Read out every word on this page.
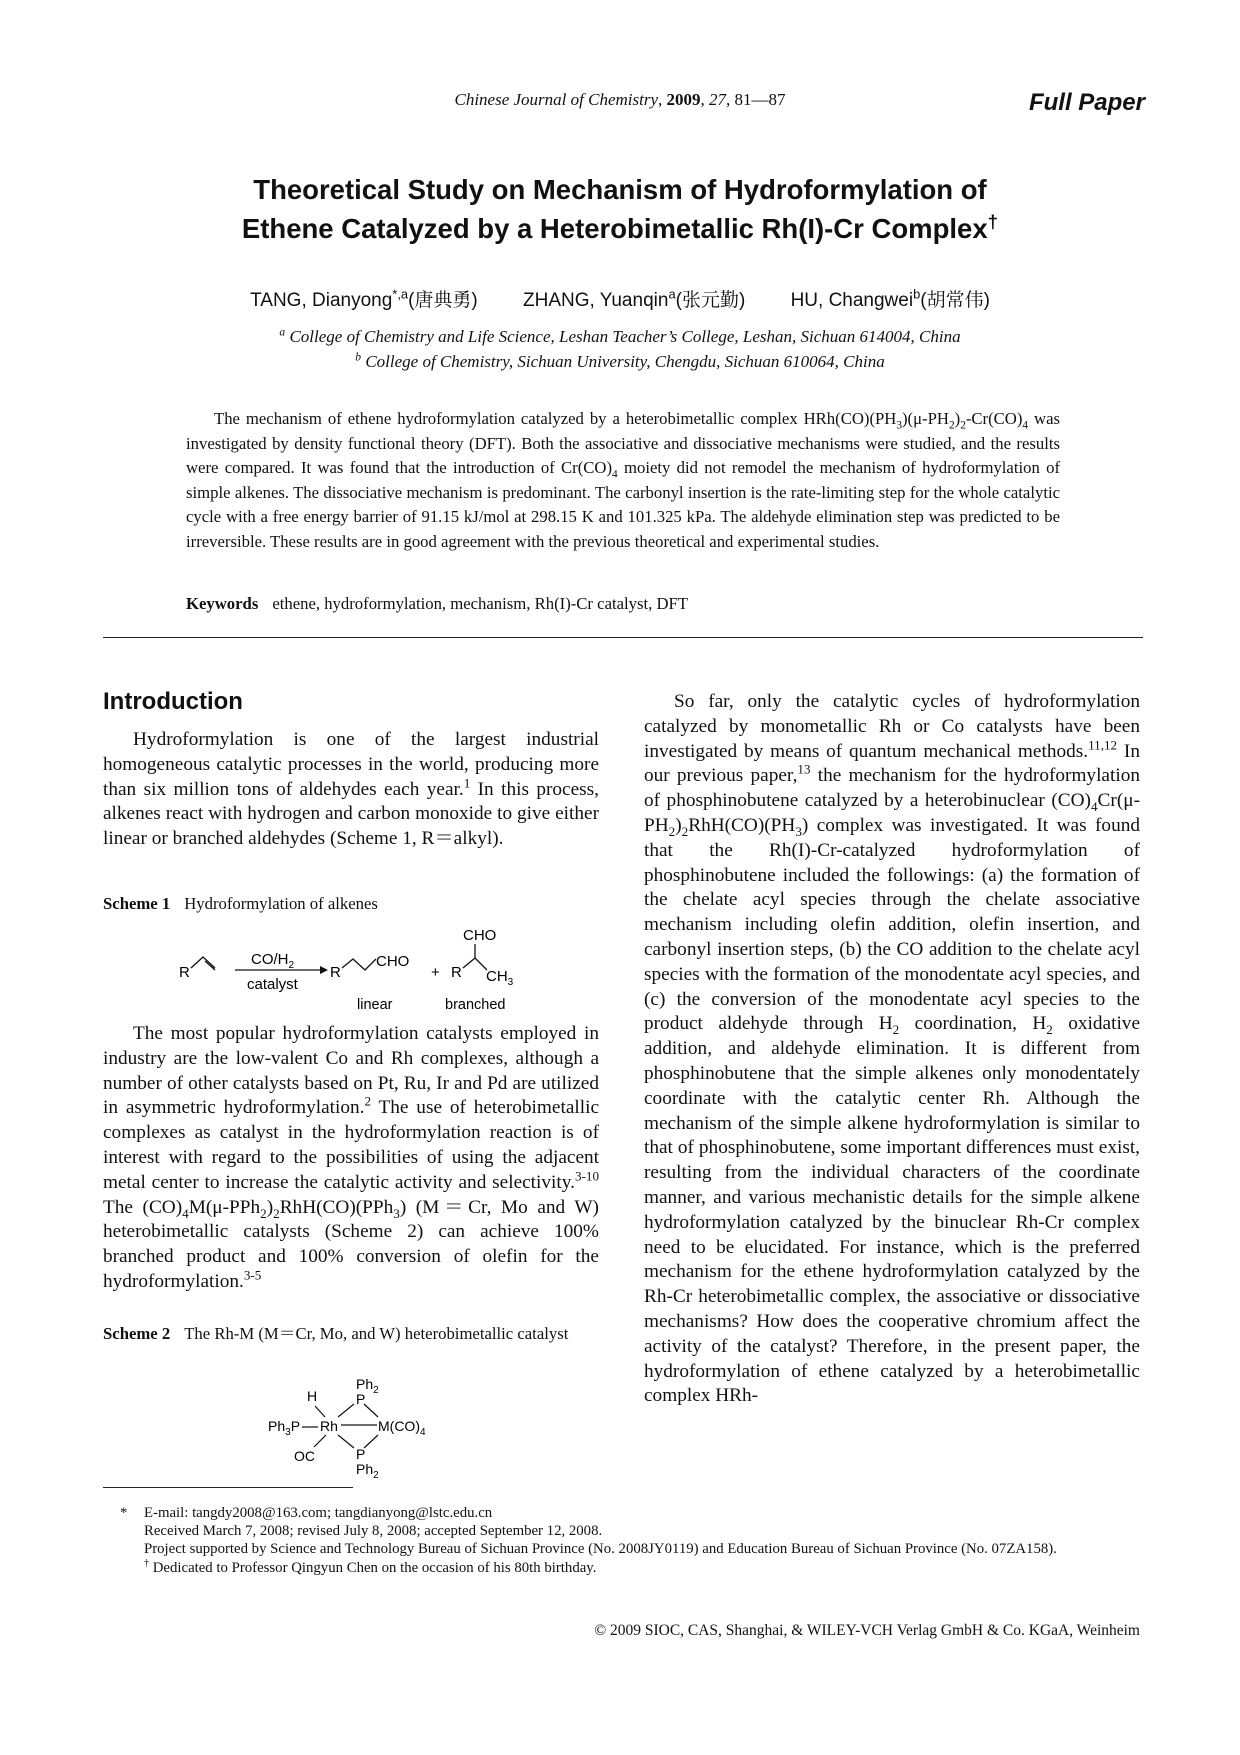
Chinese Journal of Chemistry, 2009, 27, 81—87	Full Paper
Theoretical Study on Mechanism of Hydroformylation of
Ethene Catalyzed by a Heterobimetallic Rh(I)-Cr Complex†
TANG, Dianyong$^{*,a}$(唐典勇) ZHANG, Yuanqin$^a$(张元勤) HU, Changwei$^b$(胡常伟)
$^a$ College of Chemistry and Life Science, Leshan Teacher’s College, Leshan, Sichuan 614004, China
$^b$ College of Chemistry, Sichuan University, Chengdu, Sichuan 610064, China

The mechanism of ethene hydroformylation catalyzed by a heterobimetallic complex $HRh(CO)(PH_3)(\mu-PH_2)_2-Cr(CO)_4$ was investigated by density functional theory (DFT). Both the associative and dissociative mechanisms were studied, and the results were compared. It was found that the introduction of $Cr(CO)_4$ moiety did not remodel the mechanism of hydroformylation of simple alkenes. The dissociative mechanism is predominant. The carbonyl insertion is the rate-limiting step for the whole catalytic cycle with a free energy barrier of 91.15 kJ/mol at 298.15 K and 101.325 kPa. The aldehyde elimination step was predicted to be irreversible. These results are in good agreement with the previous theoretical and experimental studies.

Keywords ethene, hydroformylation, mechanism, Rh(I)-Cr catalyst, DFT
Introduction

Hydroformylation is one of the largest industrial homogeneous catalytic processes in the world, producing more than six million tons of aldehydes each year.$^1$ In this process, alkenes react with hydrogen and carbon monoxide to give either linear or branched aldehydes (Scheme 1, R＝alkyl).

Scheme 1 Hydroformylation of alkenes
R
$CO/H_2$
catalyst
R
CHO
+ R
CHO
$CH_3$
linear	branched

The most popular hydroformylation catalysts employed in industry are the low-valent Co and Rh complexes, although a number of other catalysts based on Pt, Ru, Ir and Pd are utilized in asymmetric hydroformylation.$^2$ The use of heterobimetallic complexes as catalyst in the hydroformylation reaction is of interest with regard to the possibilities of using the adjacent metal center to increase the catalytic activity and selectivity.$^{3-10}$ The $(CO)_4M(\mu-PPh_2)_2RhH(CO)(PPh_3)$ (M＝Cr, Mo and W) heterobimetallic catalysts (Scheme 2) can achieve 100% branched product and 100% conversion of olefin for the hydroformylation.$^{3-5}$

Scheme 2 The Rh-M (M＝Cr, Mo, and W) heterobimetallic catalyst
$Ph_2$
H	P
$Ph_3P$ Rh	$M(CO)_4$
P
OC
$Ph_2$

So far, only the catalytic cycles of hydroformylation catalyzed by monometallic Rh or Co catalysts have been investigated by means of quantum mechanical methods.$^{11,12}$ In our previous paper,$^{13}$ the mechanism for the hydroformylation of phosphinobutene catalyzed by a heterobinuclear $(CO)_4Cr(\mu-PH_2)_2RhH(CO)(PH_3)$ complex was investigated. It was found that the Rh(I)-Cr-catalyzed hydroformylation of phosphinobutene included the followings: (a) the formation of the chelate acyl species through the chelate associative mechanism including olefin addition, olefin insertion, and carbonyl insertion steps, (b) the CO addition to the chelate acyl species with the formation of the monodentate acyl species, and (c) the conversion of the monodentate acyl species to the product aldehyde through $H_2$ coordination, $H_2$ oxidative addition, and aldehyde elimination. It is different from phosphinobutene that the simple alkenes only monodentately coordinate with the catalytic center Rh. Although the mechanism of the simple alkene hydroformylation is similar to that of phosphinobutene, some important differences must exist, resulting from the individual characters of the coordinate manner, and various mechanistic details for the simple alkene hydroformylation catalyzed by the binuclear Rh-Cr complex need to be elucidated. For instance, which is the preferred mechanism for the ethene hydroformylation catalyzed by the Rh-Cr heterobimetallic complex, the associative or dissociative mechanisms? How does the cooperative chromium affect the activity of the catalyst? Therefore, in the present paper, the hydroformylation of ethene catalyzed by a heterobimetallic complex HRh-

* E-mail: tangdy2008@163.com; tangdianyong@lstc.edu.cn

Received March 7, 2008; revised July 8, 2008; accepted September 12, 2008.

Project supported by Science and Technology Bureau of Sichuan Province (No. 2008JY0119) and Education Bureau of Sichuan Province (No. 07ZA158).

† Dedicated to Professor Qingyun Chen on the occasion of his 80th birthday.

© 2009 SIOC, CAS, Shanghai, & WILEY-VCH Verlag GmbH & Co. KGaA, Weinheim
